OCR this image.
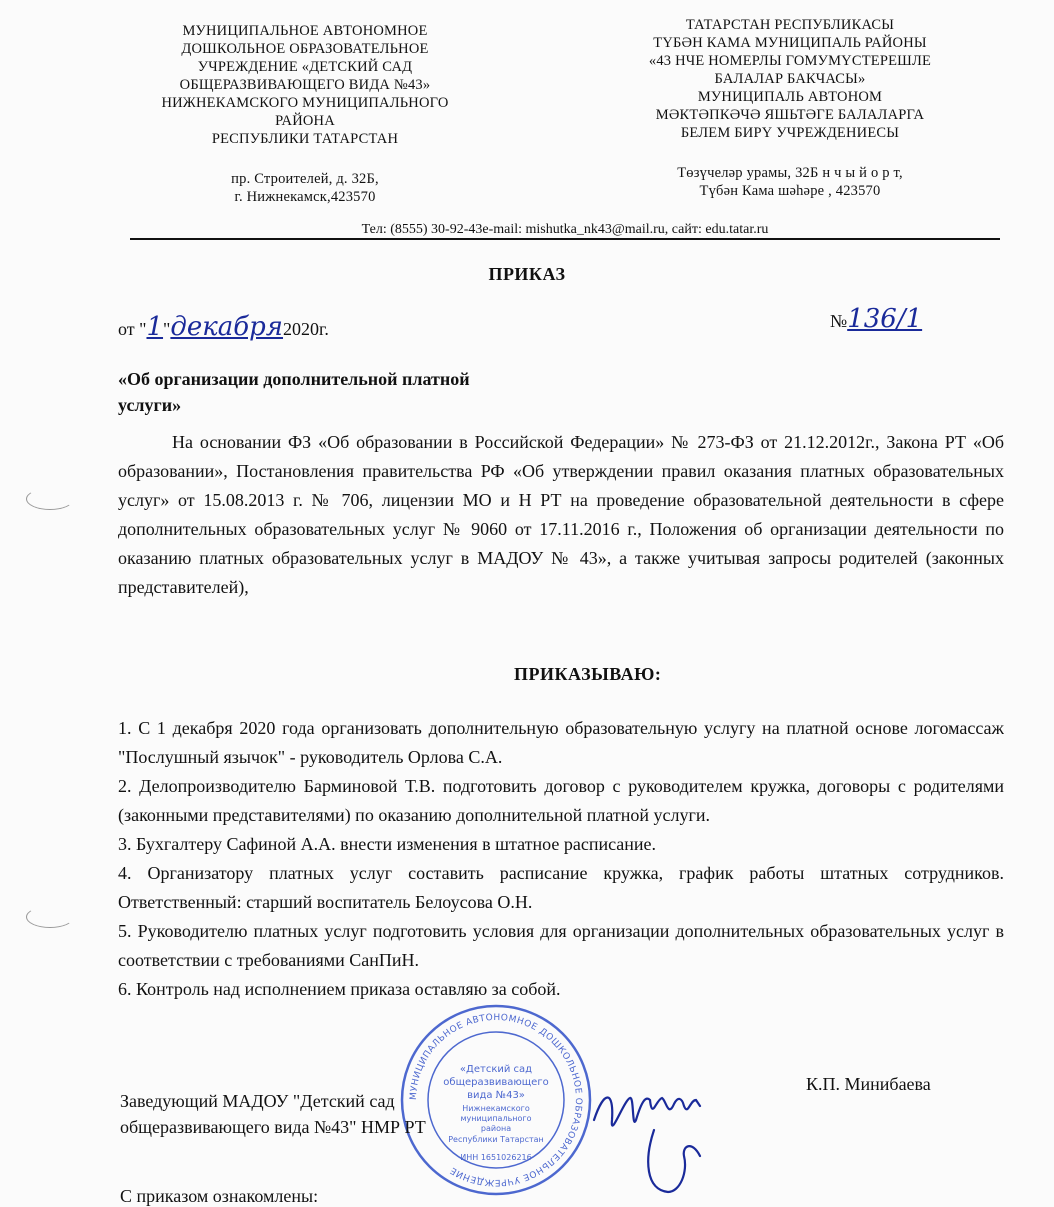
МУНИЦИПАЛЬНОЕ АВТОНОМНОЕ
ДОШКОЛЬНОЕ ОБРАЗОВАТЕЛЬНОЕ
УЧРЕЖДЕНИЕ «ДЕТСКИЙ САД
ОБЩЕРАЗВИВАЮЩЕГО ВИДА №43»
НИЖНЕКАМСКОГО МУНИЦИПАЛЬНОГО
РАЙОНА
РЕСПУБЛИКИ ТАТАРСТАН
пр. Строителей, д. 32Б,
г. Нижнекамск,423570
ТАТАРСТАН РЕСПУБЛИКАСЫ
ТҮБӘН КАМА МУНИЦИПАЛЬ РАЙОНЫ
«43 НЧЕ НОМЕРЛЫ ГОМУМҮСТЕРЕШЛЕ
БАЛАЛАР БАКЧАСЫ»
МУНИЦИПАЛЬ АВТОНОМ
МӘКТӘПКӘЧӘ ЯШЬТӘГЕ БАЛАЛАРГА
БЕЛЕМ БИРҮ УЧРЕЖДЕНИЕСЫ
Төзүчеләр урамы, 32Б н ч ы й о р т,
Түбән Кама шәһәре , 423570
Тел: (8555) 30-92-43e-mail: mishutka_nk43@mail.ru, сайт: edu.tatar.ru
ПРИКАЗ
от "1"декабря2020г.	№136/1
«Об организации дополнительной платной услуги»
На основании ФЗ «Об образовании в Российской Федерации» № 273-ФЗ от 21.12.2012г., Закона РТ «Об образовании», Постановления правительства РФ «Об утверждении правил оказания платных образовательных услуг» от 15.08.2013 г. № 706, лицензии МО и Н РТ на проведение образовательной деятельности в сфере дополнительных образовательных услуг № 9060 от 17.11.2016 г., Положения об организации деятельности по оказанию платных образовательных услуг в МАДОУ № 43», а также учитывая запросы родителей (законных представителей),
ПРИКАЗЫВАЮ:

1. С 1 декабря 2020 года организовать дополнительную образовательную услугу на платной основе логомассаж "Послушный язычок" - руководитель Орлова С.А.

2. Делопроизводителю Барминовой Т.В. подготовить договор с руководителем кружка, договоры с родителями (законными представителями) по оказанию дополнительной платной услуги.

3. Бухгалтеру Сафиной А.А. внести изменения в штатное расписание.

4. Организатору платных услуг составить расписание кружка, график работы штатных сотрудников. Ответственный: старший воспитатель Белоусова О.Н.

5. Руководителю платных услуг подготовить условия для организации дополнительных образовательных услуг в соответствии с требованиями СанПиН.

6. Контроль над исполнением приказа оставляю за собой.

МУНИЦИПАЛЬНОЕ АВТОНОМНОЕ ДОШКОЛЬНОЕ ОБРАЗОВАТЕЛЬНОЕ УЧРЕЖДЕНИЕ
«Детский сад
общеразвивающего
вида №43»
Нижнекамского
муниципального
района
Республики Татарстан
ИНН 1651026216
Заведующий МАДОУ "Детский сад
общеразвивающего вида №43" НМР РТ
К.П. Минибаева
С приказом ознакомлены:
